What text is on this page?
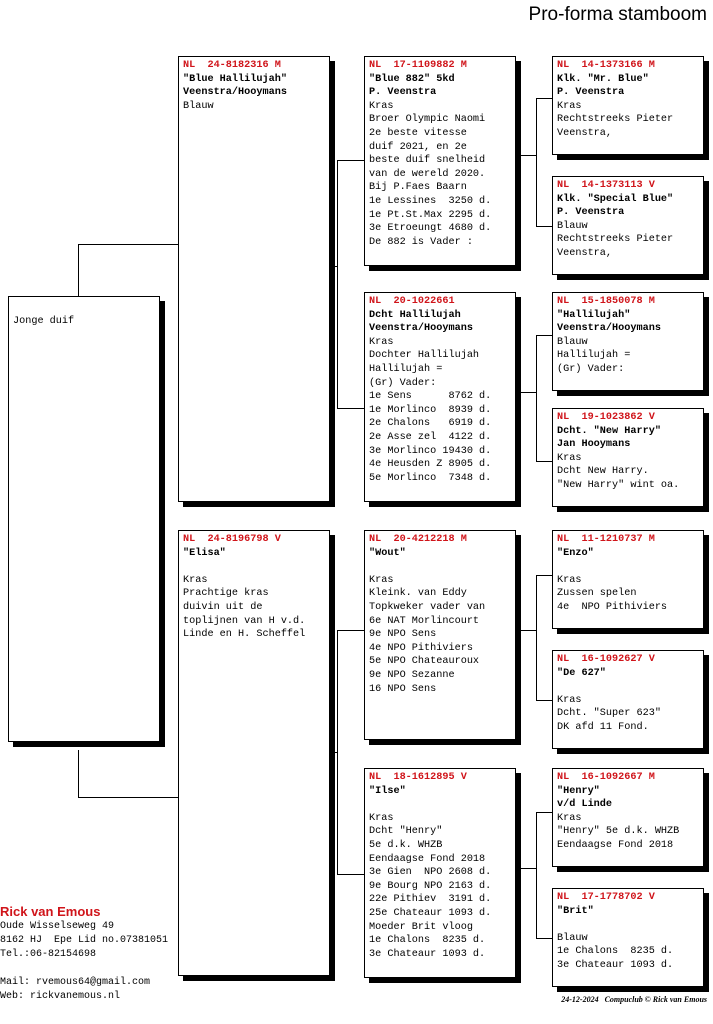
Pro-forma stamboom
Jonge duif
NL  24-8182316 M
"Blue Hallilujah"
Veenstra/Hooymans
Blauw
NL  24-8196798 V
"Elisa"

Kras
Prachtige kras
duivin uit de
toplijnen van H v.d.
Linde en H. Scheffel
NL  17-1109882 M
"Blue 882" 5kd
P. Veenstra
Kras
Broer Olympic Naomi
2e beste vitesse
duif 2021, en 2e
beste duif snelheid
van de wereld 2020.
Bij P.Faes Baarn
1e Lessines  3250 d.
1e Pt.St.Max 2295 d.
3e Etroeungt 4680 d.
De 882 is Vader :
NL  20-1022661
Dcht Hallilujah
Veenstra/Hooymans
Kras
Dochter Hallilujah
Hallilujah =
(Gr) Vader:
1e Sens      8762 d.
1e Morlinco  8939 d.
2e Chalons   6919 d.
2e Asse zel  4122 d.
3e Morlinco 19430 d.
4e Heusden Z 8905 d.
5e Morlinco  7348 d.
NL  20-4212218 M
"Wout"

Kras
Kleink. van Eddy
Topkweker vader van
6e NAT Morlincourt
9e NPO Sens
4e NPO Pithiviers
5e NPO Chateauroux
9e NPO Sezanne
16 NPO Sens
NL  18-1612895 V
"Ilse"

Kras
Dcht "Henry"
5e d.k. WHZB
Eendaagse Fond 2018
3e Gien  NPO 2608 d.
9e Bourg NPO 2163 d.
22e Pithiev  3191 d.
25e Chateaur 1093 d.
Moeder Brit vloog
1e Chalons  8235 d.
3e Chateaur 1093 d.
NL  14-1373166 M
Klk. "Mr. Blue"
P. Veenstra
Kras
Rechtstreeks Pieter
Veenstra,
NL  14-1373113 V
Klk. "Special Blue"
P. Veenstra
Blauw
Rechtstreeks Pieter
Veenstra,
NL  15-1850078 M
"Hallilujah"
Veenstra/Hooymans
Blauw
Hallilujah =
(Gr) Vader:
NL  19-1023862 V
Dcht. "New Harry"
Jan Hooymans
Kras
Dcht New Harry.
"New Harry" wint oa.
NL  11-1210737 M
"Enzo"

Kras
Zussen spelen
4e  NPO Pithiviers
NL  16-1092627 V
"De 627"

Kras
Dcht. "Super 623"
DK afd 11 Fond.
NL  16-1092667 M
"Henry"
v/d Linde
Kras
"Henry" 5e d.k. WHZB
Eendaagse Fond 2018
NL  17-1778702 V
"Brit"

Blauw
1e Chalons  8235 d.
3e Chateaur 1093 d.
Rick van Emous
Oude Wisselseweg 49
8162 HJ  Epe Lid no.07381051
Tel.:06-82154698

Mail: rvemous64@gmail.com
Web: rickvanemous.nl	24-12-2024   Compuclub © Rick van Emous
